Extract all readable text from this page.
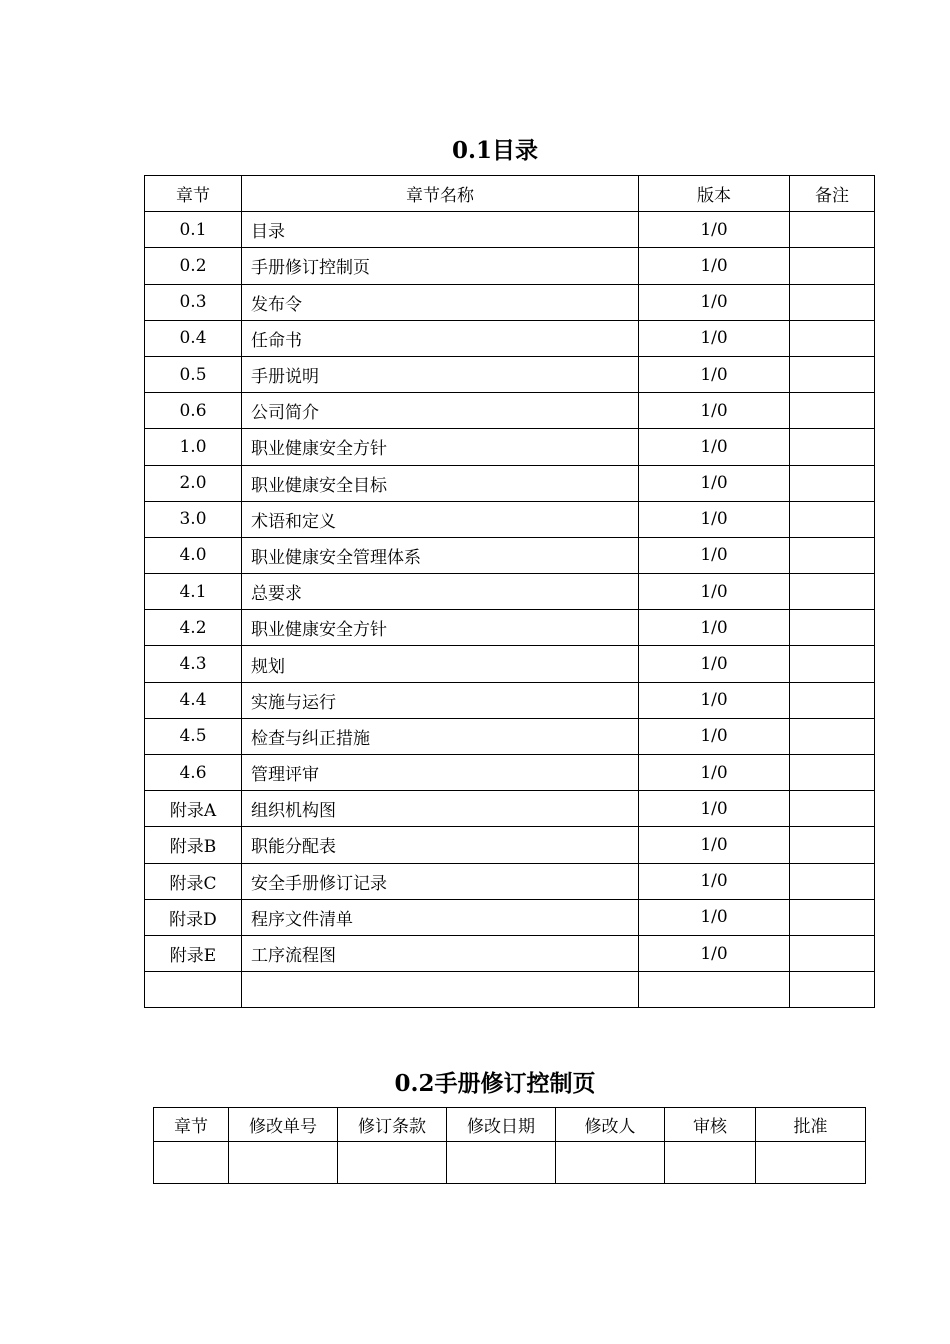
0.1目录
章节	章节名称	版本	备注
0.1	目录	1/0	
0.2	手册修订控制页	1/0	
0.3	发布令	1/0	
0.4	任命书	1/0	
0.5	手册说明	1/0	
0.6	公司简介	1/0	
1.0	职业健康安全方针	1/0	
2.0	职业健康安全目标	1/0	
3.0	术语和定义	1/0	
4.0	职业健康安全管理体系	1/0	
4.1	总要求	1/0	
4.2	职业健康安全方针	1/0	
4.3	规划	1/0	
4.4	实施与运行	1/0	
4.5	检查与纠正措施	1/0	
4.6	管理评审	1/0	
附录A	组织机构图	1/0	
附录B	职能分配表	1/0	
附录C	安全手册修订记录	1/0	
附录D	程序文件清单	1/0	
附录E	工序流程图	1/0	

0.2手册修订控制页
章节	修改单号	修订条款	修改日期	修改人	审核	批准
